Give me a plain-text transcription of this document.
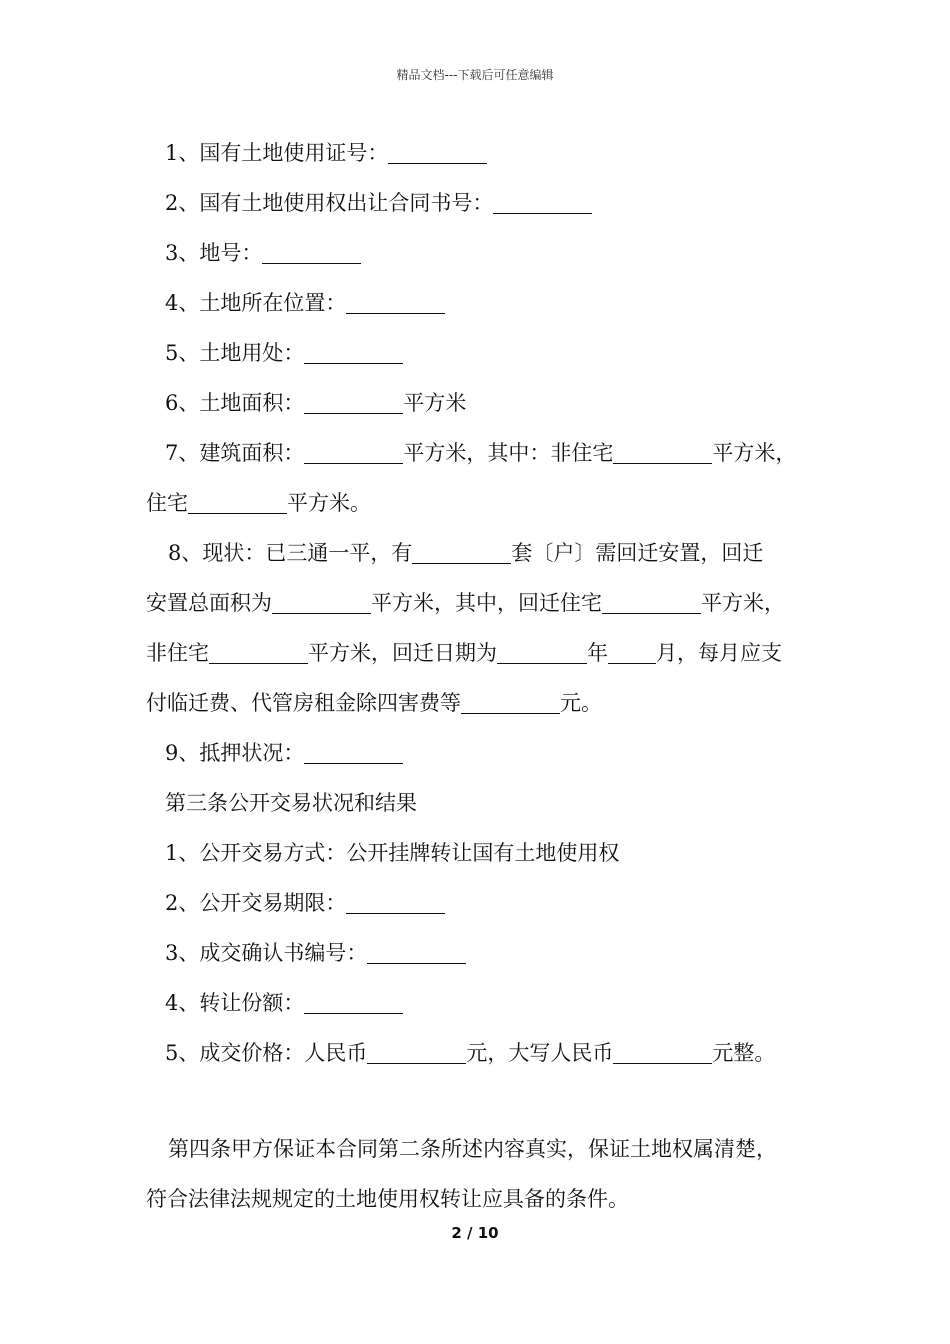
精品文档---下载后可任意编辑
1、国有土地使用证号：
2、国有土地使用权出让合同书号：
3、地号：
4、土地所在位置：
5、土地用处：
6、土地面积：	平方米
7、建筑面积：	平方米，其中：非住宅	平方米，
住宅	平方米。
8、现状：已三通一平，有	套〔户〕需回迁安置，回迁
安置总面积为	平方米，其中，回迁住宅	平方米，
非住宅	平方米，回迁日期为	年 月，每月应支
付临迁费、代管房租金除四害费等	元。
9、抵押状况：
第三条公开交易状况和结果
1、公开交易方式：公开挂牌转让国有土地使用权
2、公开交易期限：
3、成交确认书编号：
4、转让份额：
5、成交价格：人民币	元，大写人民币	元整。
第四条甲方保证本合同第二条所述内容真实，保证土地权属清楚，
符合法律法规规定的土地使用权转让应具备的条件。
2 / 10
